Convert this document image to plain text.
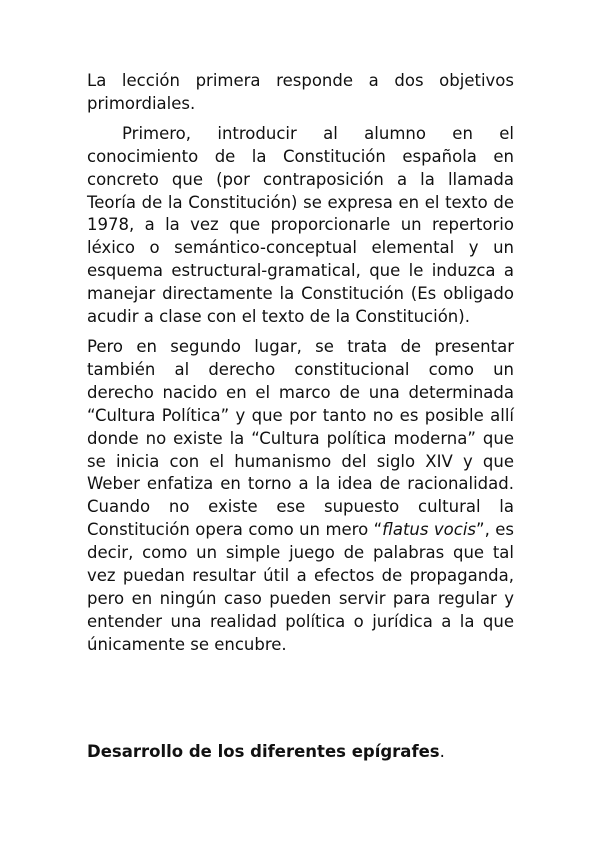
La lección primera responde a dos objetivos primordiales.

Primero, introducir al alumno en el conocimiento de la Constitución española en concreto que (por contraposición a la llamada Teoría de la Constitución) se expresa en el texto de 1978, a la vez que proporcionarle un repertorio léxico o semántico-conceptual elemental y un esquema estructural-gramatical, que le induzca a manejar directamente la Constitución (Es obligado acudir a clase con el texto de la Constitución).

Pero en segundo lugar, se trata de presentar también al derecho constitucional como un derecho nacido en el marco de una determinada “Cultura Política” y que por tanto no es posible allí donde no existe la “Cultura política moderna” que se inicia con el humanismo del siglo XIV y que Weber enfatiza en torno a la idea de racionalidad. Cuando no existe ese supuesto cultural la Constitución opera como un mero “flatus vocis”, es decir, como un simple juego de palabras que tal vez puedan resultar útil a efectos de propaganda, pero en ningún caso pueden servir para regular y entender una realidad política o jurídica a la que únicamente se encubre.

Desarrollo de los diferentes epígrafes.
